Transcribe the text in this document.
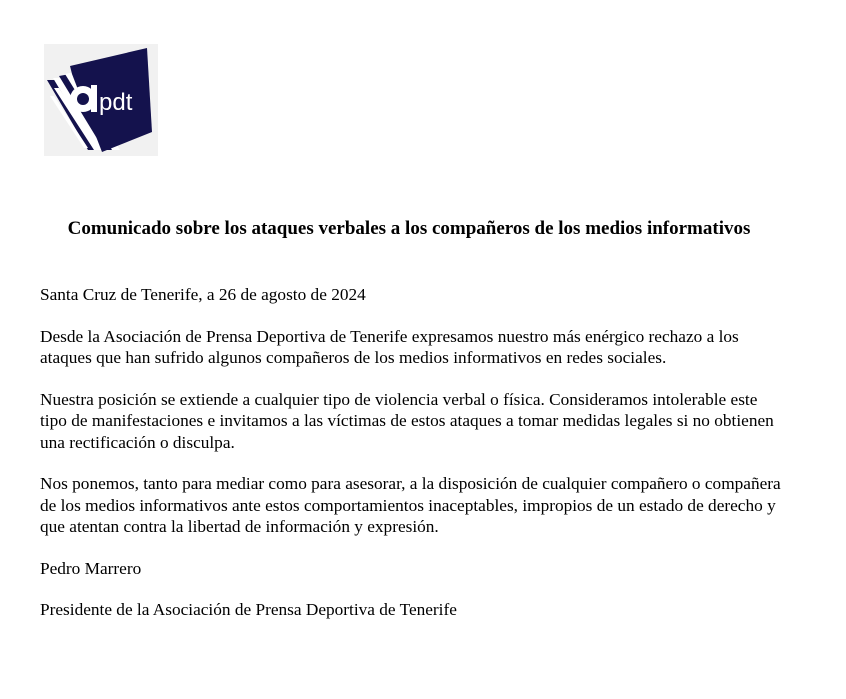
pdt
Comunicado sobre los ataques verbales a los compañeros de los medios informativos

Santa Cruz de Tenerife, a 26 de agosto de 2024

Desde la Asociación de Prensa Deportiva de Tenerife expresamos nuestro más enérgico rechazo a los ataques que han sufrido algunos compañeros de los medios informativos en redes sociales.

Nuestra posición se extiende a cualquier tipo de violencia verbal o física. Consideramos intolerable este tipo de manifestaciones e invitamos a las víctimas de estos ataques a tomar medidas legales si no obtienen una rectificación o disculpa.

Nos ponemos, tanto para mediar como para asesorar, a la disposición de cualquier compañero o compañera de los medios informativos ante estos comportamientos inaceptables, impropios de un estado de derecho y que atentan contra la libertad de información y expresión.

Pedro Marrero

Presidente de la Asociación de Prensa Deportiva de Tenerife
